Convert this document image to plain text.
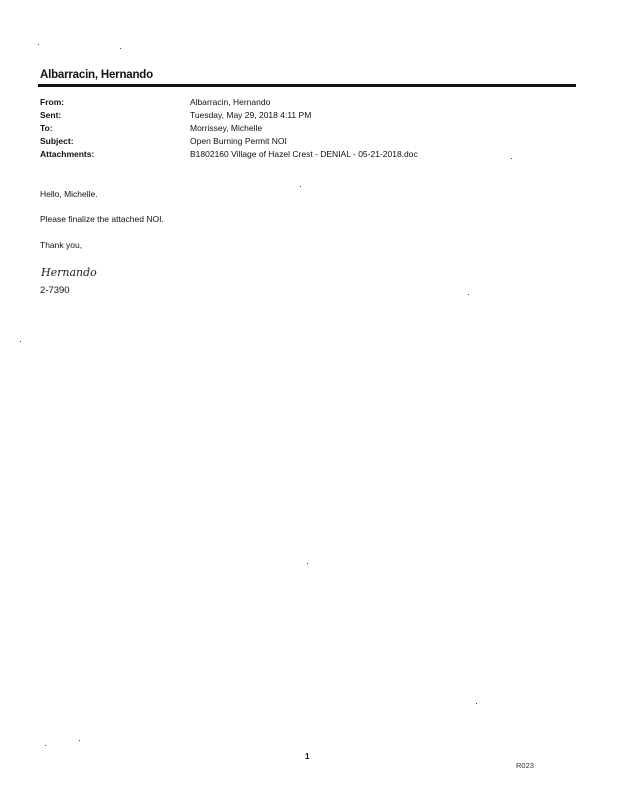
Albarracin, Hernando
From:	Albarracin, Hernando
Sent:	Tuesday, May 29, 2018 4:11 PM
To:	Morrissey, Michelle
Subject:	Open Burning Permit NOI
Attachments:	B1802160 Village of Hazel Crest - DENIAL - 05-21-2018.doc
Hello, Michelle.
Please finalize the attached NOI.
Thank you,
Hernando
2-7390
1
R023
